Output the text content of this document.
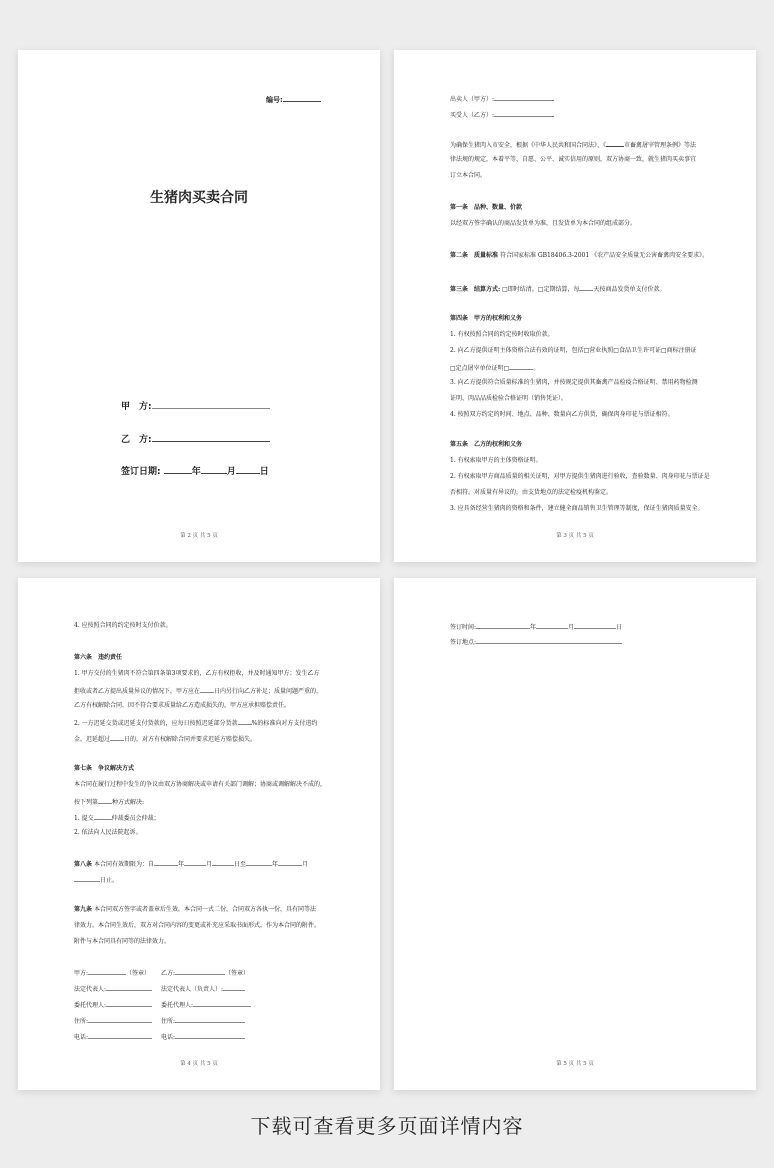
编号:
生猪肉买卖合同
甲　方:
乙　方:
签订日期:	年	月	日
第 2 页 共 5 页
出卖人（甲方）:
买受人（乙方）:
为确保生猪肉入市安全，根据《中华人民共和国合同法》、《	市畜禽屠宰管理条例》等法
律法规的规定，本着平等、自愿、公平、诚实信用的原则，双方协商一致，就生猪肉买卖事宜
订立本合同。
第一条　品种、数量、价款
以经双方签字确认的商品发货单为准，且发货单为本合同的组成部分。
第二条　质量标准 符合国家标准 GB18406.3-2001 《农产品安全质量无公害畜禽肉安全要求》。
第三条　结算方式: □即时结清。□定期结算，每 天按商品发货单支付价款。
第四条　甲方的权利和义务
1. 有权按照合同的约定按时收取价款。
2. 向乙方提供证明主体资格合法有效的证明，包括□营业执照□食品卫生许可证□商标注册证
□定点屠宰单位证明□	。
3. 向乙方提供符合质量标准的生猪肉，并按规定提供其畜禽产品检疫合格证明、禁用药物检测
证明、肉品品质检验合格证明（销售凭证）。
4. 按照双方约定的时间、地点、品种、数量向乙方供货，确保肉身印花与票证相符。
第五条　乙方的权利和义务
1. 有权索取甲方的主体资格证明。
2. 有权索取甲方商品质量的相关证明，对甲方提供生猪肉进行验收，查验数量、肉身印花与票证是
否相符。对质量有异议的，由支货地点的法定检疫机构鉴定。
3. 应具备经营生猪肉的资格和条件，建立健全商品销售卫生管理等制度，保证生猪肉质量安全。
第 3 页 共 5 页
4. 应按照合同的约定按时支付价款。
第六条　违约责任
1. 甲方交付的生猪肉不符合第四条第3项要求的，乙方有权拒收，并及时通知甲方；发生乙方
拒收或者乙方提出质量异议的情况下，甲方应在 日内另行向乙方补足；质量问题严重的，
乙方有权解除合同，因不符合要求质量给乙方造成损失的，甲方应承担赔偿责任。
2. 一方迟延交货或迟延支付货款的，应每日按照迟延部分货款 %的标准向对方支付违约
金。迟延超过 日的，对方有权解除合同并要求迟延方赔偿损失。
第七条　争议解决方式
本合同在履行过程中发生的争议由双方协商解决或申请有关部门调解；协商或调解解决不成的，
按下列第 种方式解决:
1. 提交	仲裁委员会仲裁；
2. 依法向人民法院起诉。
第八条 本合同有效期限为：自	年	月	日至	年	月
日止。
第九条 本合同双方签字或者盖章后生效，本合同一式二份，合同双方各执一份，具有同等法
律效力。本合同生效后，双方对合同内容的变更或补充应采取书面形式，作为本合同的附件。
附件与本合同具有同等的法律效力。
甲方:	（签章） 乙方:	（签章）
法定代表人:	法定代表人（负责人）:
委托代理人:	委托代理人:
住所:	住所:
电话:	电话:
第 4 页 共 5 页
签订时间:	年	月	日
签订地点:
第 5 页 共 5 页
下载可查看更多页面详情内容
